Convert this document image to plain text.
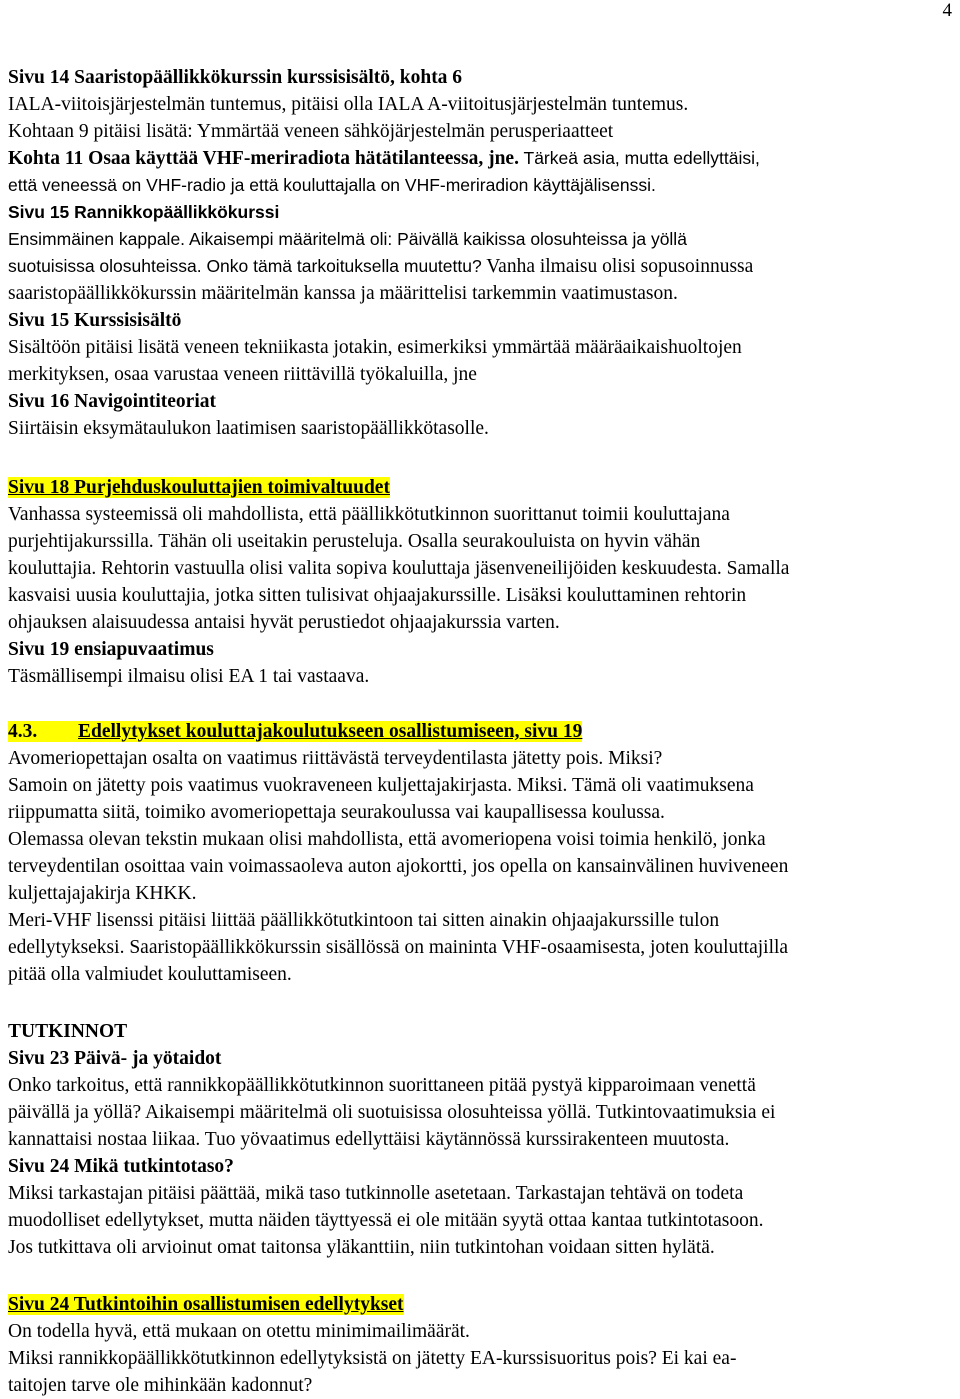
4
Sivu 14 Saaristopäällikkökurssin kurssisisältö, kohta 6
IALA-viitoisjärjestelmän tuntemus, pitäisi olla IALA A-viitoitusjärjestelmän tuntemus.
Kohtaan 9 pitäisi lisätä: Ymmärtää veneen sähköjärjestelmän perusperiaatteet
Kohta 11 Osaa käyttää VHF-meriradiota hätätilanteessa, jne. Tärkeä asia, mutta edellyttäisi,
että veneessä on VHF-radio ja että kouluttajalla on VHF-meriradion käyttäjälisenssi.
Sivu 15 Rannikkopäällikkökurssi
Ensimmäinen kappale. Aikaisempi määritelmä oli: Päivällä kaikissa olosuhteissa ja yöllä
suotuisissa olosuhteissa. Onko tämä tarkoituksella muutettu? Vanha ilmaisu olisi sopusoinnussa
saaristopäällikkökurssin määritelmän kanssa ja määrittelisi tarkemmin vaatimustason.
Sivu 15 Kurssisisältö
Sisältöön pitäisi lisätä veneen tekniikasta jotakin, esimerkiksi ymmärtää määräaikaishuoltojen
merkityksen, osaa varustaa veneen riittävillä työkaluilla, jne
Sivu 16 Navigointiteoriat
Siirtäisin eksymätaulukon laatimisen saaristopäällikkötasolle.
Sivu 18 Purjehduskouluttajien toimivaltuudet
Vanhassa systeemissä oli mahdollista, että päällikkötutkinnon suorittanut toimii kouluttajana
purjehtijakurssilla. Tähän oli useitakin perusteluja. Osalla seurakouluista on hyvin vähän
kouluttajia. Rehtorin vastuulla olisi valita sopiva kouluttaja jäsenveneilijöiden keskuudesta. Samalla
kasvaisi uusia kouluttajia, jotka sitten tulisivat ohjaajakurssille. Lisäksi kouluttaminen rehtorin
ohjauksen alaisuudessa antaisi hyvät perustiedot ohjaajakurssia varten.
Sivu 19 ensiapuvaatimus
Täsmällisempi ilmaisu olisi EA 1 tai vastaava.
4.3. Edellytykset kouluttajakoulutukseen osallistumiseen, sivu 19
Avomeriopettajan osalta on vaatimus riittävästä terveydentilasta jätetty pois. Miksi?
Samoin on jätetty pois vaatimus vuokraveneen kuljettajakirjasta. Miksi. Tämä oli vaatimuksena
riippumatta siitä, toimiko avomeriopettaja seurakoulussa vai kaupallisessa koulussa.
Olemassa olevan tekstin mukaan olisi mahdollista, että avomeriopena voisi toimia henkilö, jonka
terveydentilan osoittaa vain voimassaoleva auton ajokortti, jos opella on kansainvälinen huviveneen
kuljettajajakirja KHKK.
Meri-VHF lisenssi pitäisi liittää päällikkötutkintoon tai sitten ainakin ohjaajakurssille tulon
edellytykseksi. Saaristopäällikkökurssin sisällössä on maininta VHF-osaamisesta, joten kouluttajilla
pitää olla valmiudet kouluttamiseen.
TUTKINNOT
Sivu 23 Päivä- ja yötaidot
Onko tarkoitus, että rannikkopäällikkötutkinnon suorittaneen pitää pystyä kipparoimaan venettä
päivällä ja yöllä? Aikaisempi määritelmä oli suotuisissa olosuhteissa yöllä. Tutkintovaatimuksia ei
kannattaisi nostaa liikaa. Tuo yövaatimus edellyttäisi käytännössä kurssirakenteen muutosta.
Sivu 24 Mikä tutkintotaso?
Miksi tarkastajan pitäisi päättää, mikä taso tutkinnolle asetetaan. Tarkastajan tehtävä on todeta
muodolliset edellytykset, mutta näiden täyttyessä ei ole mitään syytä ottaa kantaa tutkintotasoon.
Jos tutkittava oli arvioinut omat taitonsa yläkanttiin, niin tutkintohan voidaan sitten hylätä.
Sivu 24 Tutkintoihin osallistumisen edellytykset
On todella hyvä, että mukaan on otettu minimimailimäärät.
Miksi rannikkopäällikkötutkinnon edellytyksistä on jätetty EA-kurssisuoritus pois? Ei kai ea-
taitojen tarve ole mihinkään kadonnut?
